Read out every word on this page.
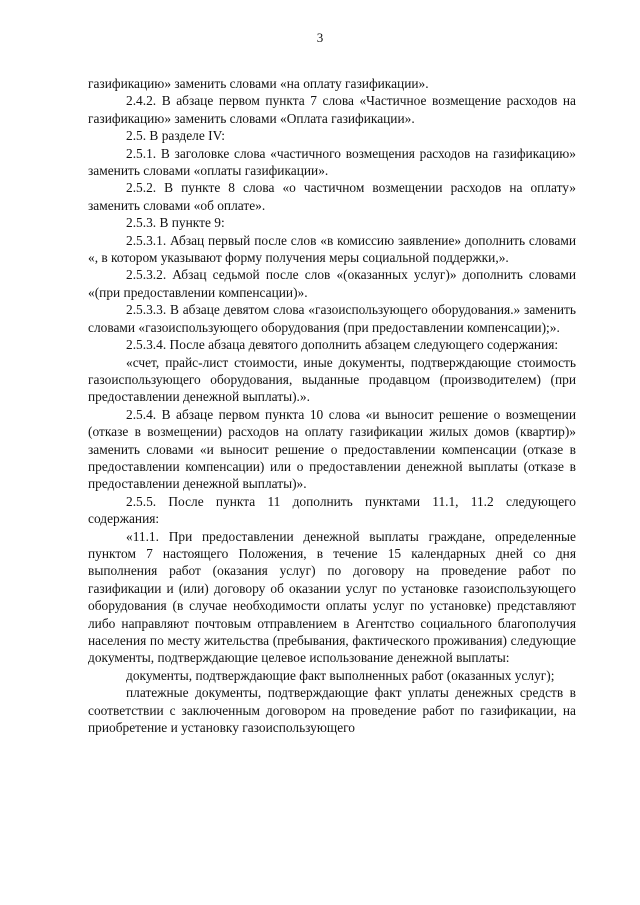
3

газификацию» заменить словами «на оплату газификации».

2.4.2. В абзаце первом пункта 7 слова «Частичное возмещение расходов на газификацию» заменить словами «Оплата газификации».

2.5. В разделе IV:

2.5.1. В заголовке слова «частичного возмещения расходов на газификацию» заменить словами «оплаты газификации».

2.5.2. В пункте 8 слова «о частичном возмещении расходов на оплату» заменить словами «об оплате».

2.5.3. В пункте 9:

2.5.3.1. Абзац первый после слов «в комиссию заявление» дополнить словами «, в котором указывают форму получения меры социальной поддержки,».

2.5.3.2. Абзац седьмой после слов «(оказанных услуг)» дополнить словами «(при предоставлении компенсации)».

2.5.3.3. В абзаце девятом слова «газоиспользующего оборудования.» заменить словами «газоиспользующего оборудования (при предоставлении компенсации);».

2.5.3.4. После абзаца девятого дополнить абзацем следующего содержания:

«счет, прайс-лист стоимости, иные документы, подтверждающие стоимость газоиспользующего оборудования, выданные продавцом (производителем) (при предоставлении денежной выплаты).».

2.5.4. В абзаце первом пункта 10 слова «и выносит решение о возмещении (отказе в возмещении) расходов на оплату газификации жилых домов (квартир)» заменить словами «и выносит решение о предоставлении компенсации (отказе в предоставлении компенсации) или о предоставлении денежной выплаты (отказе в предоставлении денежной выплаты)».

2.5.5. После пункта 11 дополнить пунктами 11.1, 11.2 следующего содержания:

«11.1. При предоставлении денежной выплаты граждане, определенные пунктом 7 настоящего Положения, в течение 15 календарных дней со дня выполнения работ (оказания услуг) по договору на проведение работ по газификации и (или) договору об оказании услуг по установке газоиспользующего оборудования (в случае необходимости оплаты услуг по установке) представляют либо направляют почтовым отправлением в Агентство социального благополучия населения по месту жительства (пребывания, фактического проживания) следующие документы, подтверждающие целевое использование денежной выплаты:

документы, подтверждающие факт выполненных работ (оказанных услуг);

платежные документы, подтверждающие факт уплаты денежных средств в соответствии с заключенным договором на проведение работ по газификации, на приобретение и установку газоиспользующего
